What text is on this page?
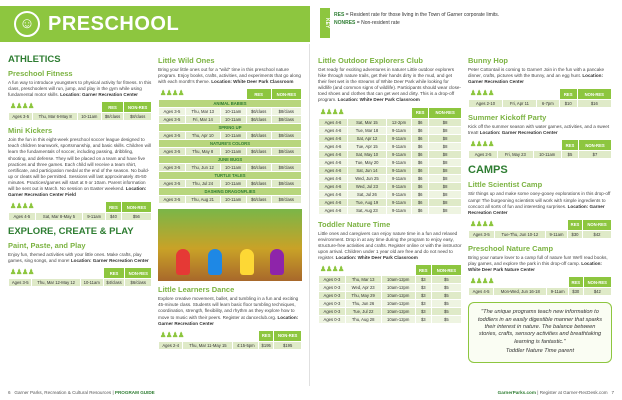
☺ PRESCHOOL	KEY
RES = Resident rate for those living in the Town of Garner corporate limits.
NONRES = Non-resident rate
ATHLETICS
Preschool Fitness
A fun way to introduce youngsters to physical activity for fitness. In this class, preschoolers will run, jump, and play in the gym while using fundamental motor skills. Location: Garner Recreation Center
♟ ♟ ♟ ♟			RES	NON-RES
Ages 3-5	Thu, Mar 6-May 8	10-11am	$8/class	$8/class
Mini Kickers
Join the fun in this eight-week preschool soccer league designed to teach children teamwork, sportsmanship, and basic skills. Children will learn the fundamentals of soccer, including passing, dribbling, shooting, and defense. They will be placed on a team and have five practices and three games. Each child will receive a team shirt, certificate, and participation medal at the end of the season. No build-up or cleats will be permitted. Sessions will last approximately 45-50 minutes. Practices/games will start at 9 or 10am. Parent information will be sent out in March. No session on Easter weekend. Location: Garner Recreation Center Field
♟ ♟ ♟ ♟			RES	NON-RES
Ages 4-5	Sat, Mar 8-May 5	9-11am	$40	$56
EXPLORE, CREATE & PLAY
Paint, Paste, and Play
Enjoy fun, themed activities with your little ones. Make crafts, play games, sing songs, and more! Location: Garner Recreation Center
♟ ♟ ♟ ♟			RES	NON-RES
Ages 3-5	Thu, Mar 12-May 12	10-11am	$4/class	$6/class
Little Wild Ones
Bring your little ones out for a "wild" time in this preschool nature program. Enjoy books, crafts, activities, and experiments that go along with each month's theme. Location: White Deer Park Classroom
♟ ♟ ♟ ♟			RES	NON-RES
ANIMAL BABIES				
Ages 3-5	Thu, Mar 13	10-11am	$6/class	$8/class
Ages 3-5	Fri, Mar 14	10-11am	$6/class	$8/class
SPRING UP				
Ages 3-5	Thu, Apr 10	10-11am	$6/class	$8/class
NATURE'S COLORS				
Ages 3-5	Thu, May 8	10-11am	$6/class	$8/class
JUNE BUGS				
Ages 3-5	Thu, Jun 12	10-11am	$6/class	$8/class
TURTLE TALES				
Ages 3-5	Thu, Jul 24	10-11am	$6/class	$8/class
DASHING DRAGONFLIES				
Ages 3-5	Thu, Aug 21	10-11am	$6/class	$8/class
Little Learners Dance
Explore creative movement, ballet, and tumbling in a fun and exciting 45-minute class. Students will learn basic floor tumbling techniques, coordination, strength, flexibility, and rhythm as they explore how to move to music with their peers. Register at danceclub.org. Location: Garner Recreation Center
♟ ♟ ♟ ♟			RES	NON-RES
Ages 2-4	Thu, Mar 11-May 15	4:15-5pm	$195	$195
Little Outdoor Explorers Club
Get ready for exciting adventures in nature! Little outdoor explorers hike through nature trails, get their hands dirty in the mud, and get their feet wet in the streams of White Deer Park while looking for wildlife (and common signs of wildlife). Participants should wear close-toed shoes and clothes that can get wet and dirty. This is a drop-off program. Location: White Deer Park Classroom
♟ ♟ ♟ ♟			RES	NON-RES
Ages 4-6	Sat, Mar 15	12-2pm	$6	$8
Ages 4-6	Tue, Mar 18	9-11am	$6	$8
Ages 4-6	Sat, Apr 12	9-11am	$6	$8
Ages 4-6	Tue, Apr 15	9-11am	$6	$8
Ages 4-6	Sat, May 10	9-11am	$6	$8
Ages 4-6	Tue, May 20	9-11am	$6	$8
Ages 4-6	Sat, Jun 14	9-11am	$6	$8
Ages 4-6	Wed, Jun 25	9-11am	$6	$8
Ages 4-6	Wed, Jul 23	9-11am	$6	$8
Ages 4-6	Sat, Jul 26	9-11am	$6	$8
Ages 4-6	Tue, Aug 19	9-11am	$6	$8
Ages 4-6	Sat, Aug 23	9-11am	$6	$8
Toddler Nature Time
Little ones and caregivers can enjoy nature time in a fun and relaxed environment. Drop in at any time during the program to enjoy easy, structure-free activities and crafts. Register online or with the instructor upon arrival. Children under 1 year old are free and do not need to register. Location: White Deer Park Classroom
♟ ♟ ♟ ♟			RES	NON-RES
Ages 0-3	Thu, Mar 13	10am-12pm	$3	$5
Ages 0-3	Wed, Apr 23	10am-12pm	$3	$5
Ages 0-3	Thu, May 29	10am-12pm	$3	$5
Ages 0-3	Thu, Jun 26	10am-12pm	$3	$5
Ages 0-3	Tue, Jul 22	10am-12pm	$3	$5
Ages 0-3	Thu, Aug 28	10am-12pm	$3	$5
Bunny Hop
Peter Cottontail is coming to Garner! Join in the fun with a pancake dinner, crafts, pictures with the Bunny, and an egg hunt. Location: Garner Recreation Center
♟ ♟ ♟ ♟			RES	NON-RES
Ages 2-10	Fri, Apr 11	6-7pm	$10	$16
Summer Kickoff Party
Kick off the summer season with water games, activities, and a sweet treat! Location: Garner Recreation Center
♟ ♟ ♟ ♟			RES	NON-RES
Ages 2-5	Fri, May 23	10-11am	$5	$7
CAMPS
Little Scientist Camp
Stir things up and make some ooey-gooey explorations in this drop-off camp! The burgeoning scientists will work with simple ingredients to concoct all sorts of fun and interesting surprises. Location: Garner Recreation Center
♟ ♟ ♟ ♟			RES	NON-RES
Ages 3-5	Tue-Thu, Jun 10-12	9-11am	$30	$42
Preschool Nature Camp
Bring your nature lover to a camp full of nature fun! We'll read books, play games, and explore the park in this drop-off camp. Location: White Deer Park Nature Center
♟ ♟ ♟ ♟			RES	NON-RES
Ages 4-5	Mon-Wed, Jun 16-18	9-11am	$30	$42
"The unique programs teach new information to toddlers in an easily digestible manner that sparks their interest in nature. The balance between stories, crafts, sensory activities and breathtaking learning is fantastic."
Toddler Nature Time parent
6 Garner Parks, Recreation & Cultural Resources | PROGRAM GUIDE	GarnerParks.com | Register at Garner-RecDesk.com 7
